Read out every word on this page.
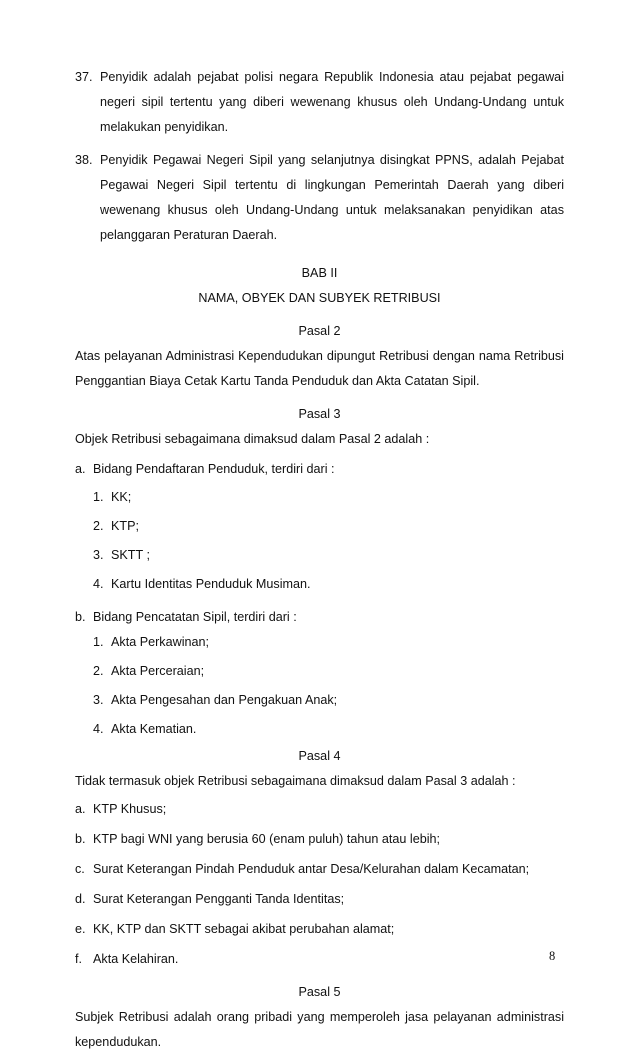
37. Penyidik adalah pejabat polisi negara Republik Indonesia atau pejabat pegawai negeri sipil tertentu yang diberi wewenang khusus oleh Undang-Undang untuk melakukan penyidikan.
38. Penyidik Pegawai Negeri Sipil yang selanjutnya disingkat PPNS, adalah Pejabat Pegawai Negeri Sipil tertentu di lingkungan Pemerintah Daerah yang diberi wewenang khusus oleh Undang-Undang untuk melaksanakan penyidikan atas pelanggaran Peraturan Daerah.
BAB II
NAMA, OBYEK DAN SUBYEK RETRIBUSI
Pasal 2
Atas pelayanan Administrasi Kependudukan dipungut Retribusi dengan nama Retribusi Penggantian Biaya Cetak Kartu Tanda Penduduk dan Akta Catatan Sipil.
Pasal 3
Objek Retribusi sebagaimana dimaksud dalam Pasal 2 adalah :
a. Bidang Pendaftaran Penduduk, terdiri dari :
1. KK;
2. KTP;
3. SKTT ;
4. Kartu Identitas Penduduk Musiman.
b. Bidang Pencatatan Sipil, terdiri dari :
1. Akta Perkawinan;
2. Akta Perceraian;
3. Akta Pengesahan dan Pengakuan Anak;
4. Akta Kematian.
Pasal 4
Tidak termasuk objek Retribusi sebagaimana dimaksud dalam Pasal 3 adalah :
a. KTP Khusus;
b. KTP bagi WNI yang berusia 60 (enam puluh) tahun atau lebih;
c. Surat Keterangan Pindah Penduduk antar Desa/Kelurahan dalam Kecamatan;
d. Surat Keterangan Pengganti Tanda Identitas;
e. KK, KTP dan SKTT sebagai akibat perubahan alamat;
f. Akta Kelahiran.
Pasal 5
Subjek Retribusi adalah orang pribadi yang memperoleh jasa pelayanan administrasi kependudukan.
8
